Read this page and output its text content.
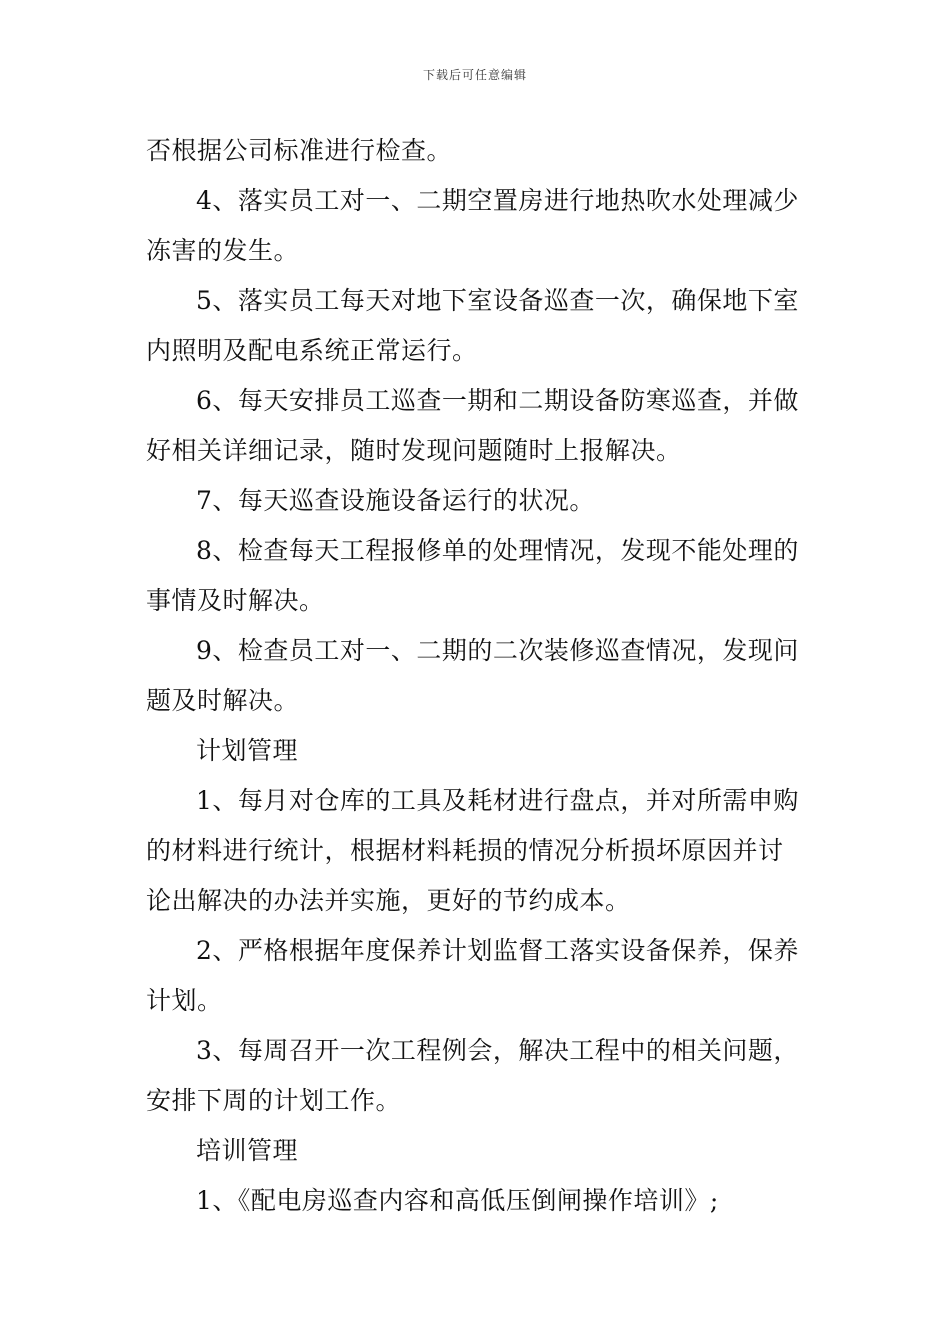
下载后可任意编辑
否根据公司标准进行检查。
4、落实员工对一、二期空置房进行地热吹水处理减少
冻害的发生。
5、落实员工每天对地下室设备巡查一次，确保地下室
内照明及配电系统正常运行。
6、每天安排员工巡查一期和二期设备防寒巡查，并做
好相关详细记录，随时发现问题随时上报解决。
7、每天巡查设施设备运行的状况。
8、检查每天工程报修单的处理情况，发现不能处理的
事情及时解决。
9、检查员工对一、二期的二次装修巡查情况，发现问
题及时解决。
计划管理
1、每月对仓库的工具及耗材进行盘点，并对所需申购
的材料进行统计，根据材料耗损的情况分析损坏原因并讨
论出解决的办法并实施，更好的节约成本。
2、严格根据年度保养计划监督工落实设备保养，保养
计划。
3、每周召开一次工程例会，解决工程中的相关问题，
安排下周的计划工作。
培训管理
1、《配电房巡查内容和高低压倒闸操作培训》;
